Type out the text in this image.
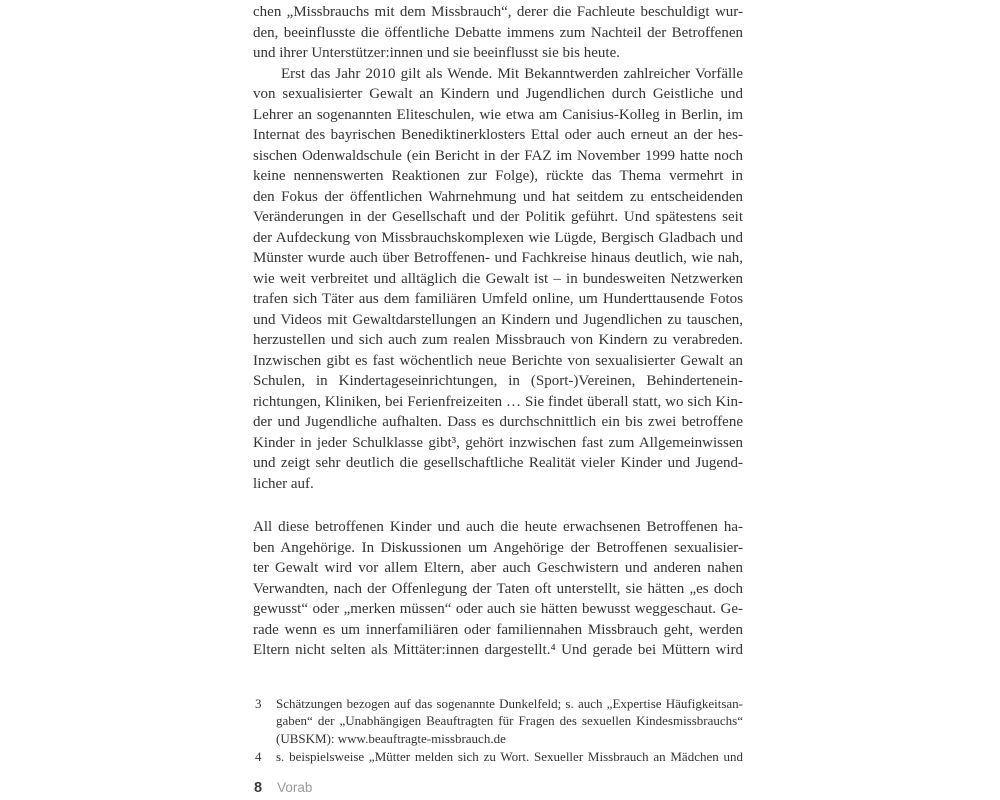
chen „Missbrauchs mit dem Missbrauch“, derer die Fachleute beschuldigt wur-
den, beeinflusste die öffentliche Debatte immens zum Nachteil der Betroffenen
und ihrer Unterstützer:innen und sie beeinflusst sie bis heute.
Erst das Jahr 2010 gilt als Wende. Mit Bekanntwerden zahlreicher Vorfälle
von sexualisierter Gewalt an Kindern und Jugendlichen durch Geistliche und
Lehrer an sogenannten Eliteschulen, wie etwa am Canisius-Kolleg in Berlin, im
Internat des bayrischen Benediktinerklosters Ettal oder auch erneut an der hes-
sischen Odenwaldschule (ein Bericht in der FAZ im November 1999 hatte noch
keine nennenswerten Reaktionen zur Folge), rückte das Thema vermehrt in
den Fokus der öffentlichen Wahrnehmung und hat seitdem zu entscheidenden
Veränderungen in der Gesellschaft und der Politik geführt. Und spätestens seit
der Aufdeckung von Missbrauchskomplexen wie Lügde, Bergisch Gladbach und
Münster wurde auch über Betroffenen- und Fachkreise hinaus deutlich, wie nah,
wie weit verbreitet und alltäglich die Gewalt ist – in bundesweiten Netzwerken
trafen sich Täter aus dem familiären Umfeld online, um Hunderttausende Fotos
und Videos mit Gewaltdarstellungen an Kindern und Jugendlichen zu tauschen,
herzustellen und sich auch zum realen Missbrauch von Kindern zu verabreden.
Inzwischen gibt es fast wöchentlich neue Berichte von sexualisierter Gewalt an
Schulen, in Kindertageseinrichtungen, in (Sport-)Vereinen, Behindertenein-
richtungen, Kliniken, bei Ferienfreizeiten … Sie findet überall statt, wo sich Kin-
der und Jugendliche aufhalten. Dass es durchschnittlich ein bis zwei betroffene
Kinder in jeder Schulklasse gibt³, gehört inzwischen fast zum Allgemeinwissen
und zeigt sehr deutlich die gesellschaftliche Realität vieler Kinder und Jugend-
licher auf.
All diese betroffenen Kinder und auch die heute erwachsenen Betroffenen ha-
ben Angehörige. In Diskussionen um Angehörige der Betroffenen sexualisier-
ter Gewalt wird vor allem Eltern, aber auch Geschwistern und anderen nahen
Verwandten, nach der Offenlegung der Taten oft unterstellt, sie hätten „es doch
gewusst“ oder „merken müssen“ oder auch sie hätten bewusst weggeschaut. Ge-
rade wenn es um innerfamiliären oder familiennahen Missbrauch geht, werden
Eltern nicht selten als Mittäter:innen dargestellt.⁴ Und gerade bei Müttern wird
3 Schätzungen bezogen auf das sogenannte Dunkelfeld; s. auch „Expertise Häufigkeitsan-
gaben“ der „Unabhängigen Beauftragten für Fragen des sexuellen Kindesmissbrauchs“
(UBSKM): www.beauftragte-missbrauch.de
4 s. beispielsweise „Mütter melden sich zu Wort. Sexueller Missbrauch an Mädchen und
8 Vorab
